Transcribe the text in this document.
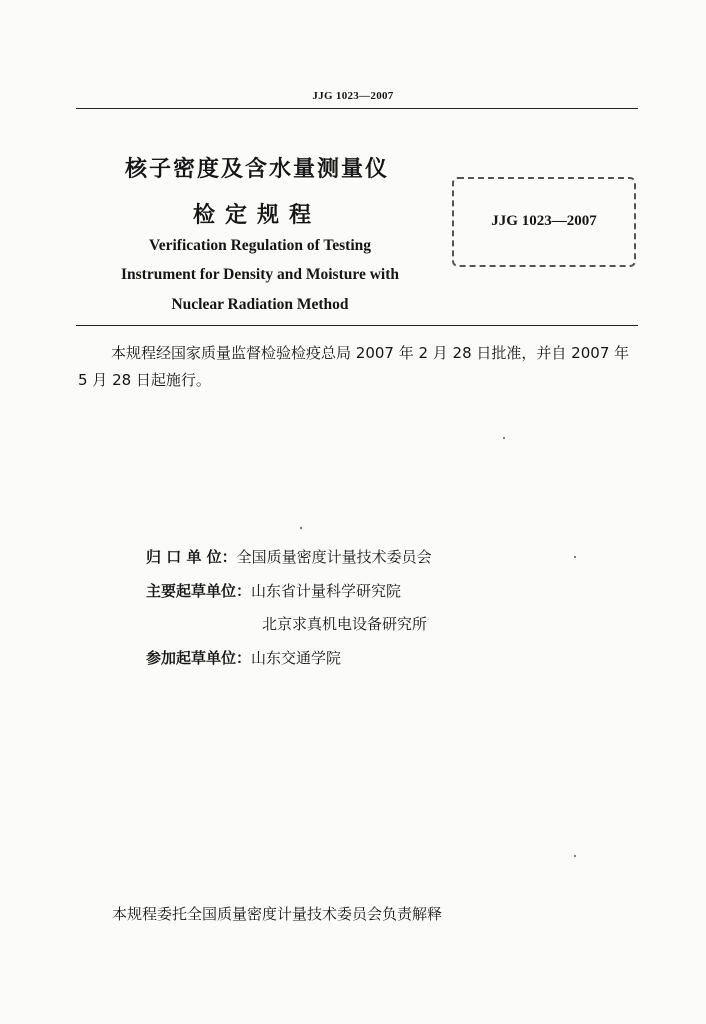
JJG 1023—2007
核子密度及含水量测量仪
检定规程
Verification Regulation of Testing
Instrument for Density and Moisture with
Nuclear Radiation Method
JJG 1023—2007
本规程经国家质量监督检验检疫总局 2007 年 2 月 28 日批准，并自 2007 年 5 月 28 日起施行。
归 口 单 位：全国质量密度计量技术委员会
主要起草单位：山东省计量科学研究院
北京求真机电设备研究所
参加起草单位：山东交通学院
本规程委托全国质量密度计量技术委员会负责解释
